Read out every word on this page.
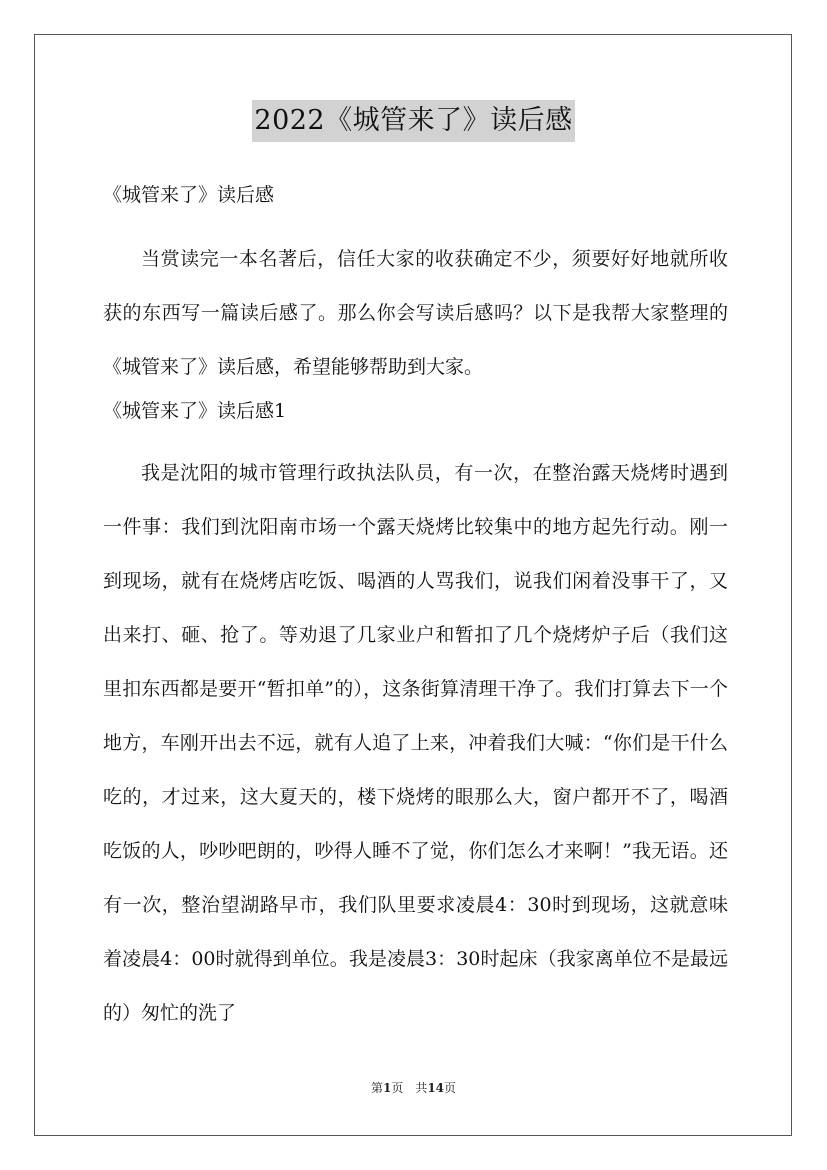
2022《城管来了》读后感

《城管来了》读后感

当赏读完一本名著后，信任大家的收获确定不少，须要好好地就所收获的东西写一篇读后感了。那么你会写读后感吗？以下是我帮大家整理的《城管来了》读后感，希望能够帮助到大家。

《城管来了》读后感1

我是沈阳的城市管理行政执法队员，有一次，在整治露天烧烤时遇到一件事：我们到沈阳南市场一个露天烧烤比较集中的地方起先行动。刚一到现场，就有在烧烤店吃饭、喝酒的人骂我们，说我们闲着没事干了，又出来打、砸、抢了。等劝退了几家业户和暂扣了几个烧烤炉子后（我们这里扣东西都是要开“暂扣单”的），这条街算清理干净了。我们打算去下一个地方，车刚开出去不远，就有人追了上来，冲着我们大喊：“你们是干什么吃的，才过来，这大夏天的，楼下烧烤的眼那么大，窗户都开不了，喝酒吃饭的人，吵吵吧朗的，吵得人睡不了觉，你们怎么才来啊！”我无语。还有一次，整治望湖路早市，我们队里要求凌晨4：30时到现场，这就意味着凌晨4：00时就得到单位。我是凌晨3：30时起床（我家离单位不是最远的）匆忙的洗了

第1页　共14页
